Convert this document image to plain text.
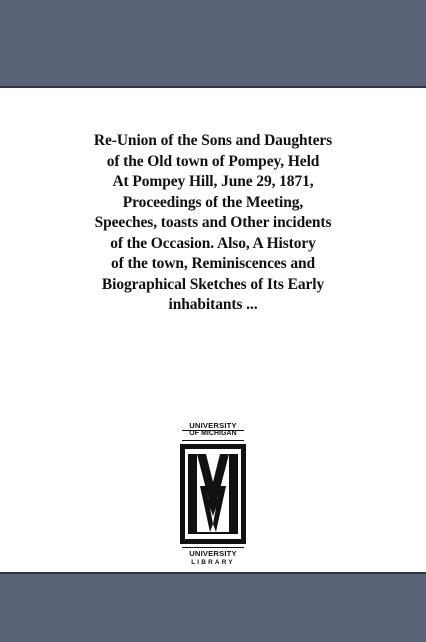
Re-Union of the Sons and Daughters
of the Old town of Pompey, Held
At Pompey Hill, June 29, 1871,
Proceedings of the Meeting,
Speeches, toasts and Other incidents
of the Occasion. Also, A History
of the town, Reminiscences and
Biographical Sketches of Its Early
inhabitants ...
UNIVERSITY
OF MICHIGAN
UNIVERSITY
LIBRARY
